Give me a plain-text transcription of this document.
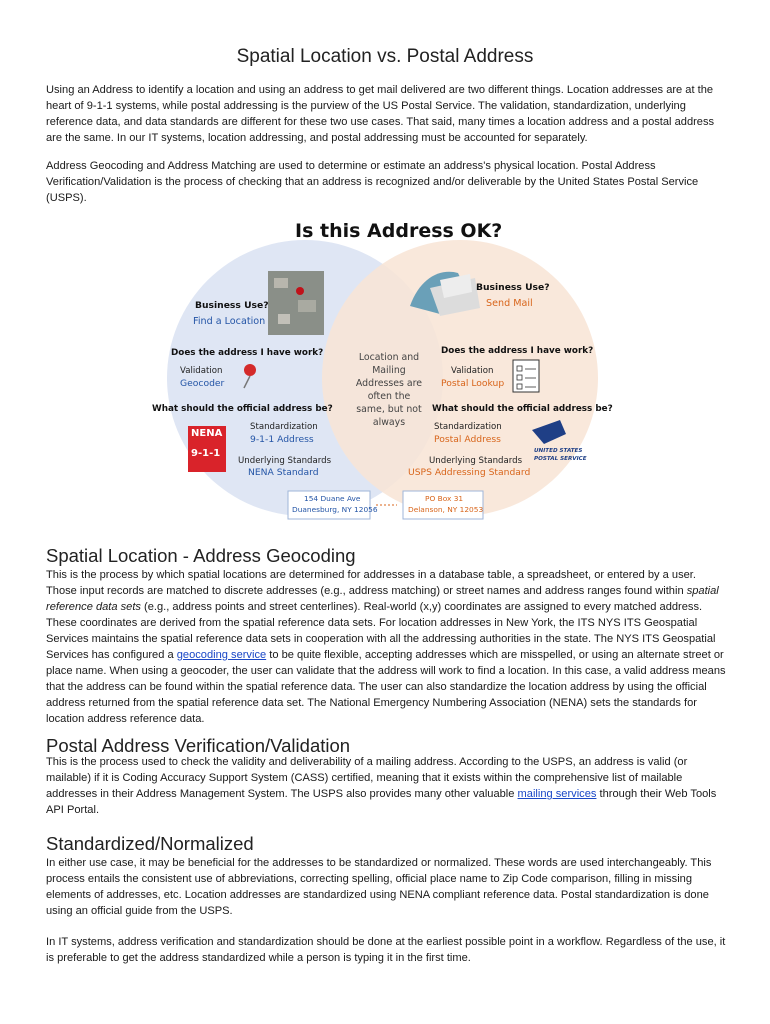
Spatial Location vs. Postal Address

Using an Address to identify a location and using an address to get mail delivered are two different things. Location addresses are at the heart of 9-1-1 systems, while postal addressing is the purview of the US Postal Service. The validation, standardization, underlying reference data, and data standards are different for these two use cases. That said, many times a location address and a postal address are the same. In our IT systems, location addressing, and postal addressing must be accounted for separately.

Address Geocoding and Address Matching are used to determine or estimate an address's physical location. Postal Address Verification/Validation is the process of checking that an address is recognized and/or deliverable by the United States Postal Service (USPS).

Is this Address OK?
Business Use?
Find a Location
Does the address I have work?
Validation
Geocoder
What should the official address be?
Standardization
9-1-1 Address
Underlying Standards
NENA Standard
NENA
9-1-1
154 Duane Ave
Duanesburg, NY 12056
Location and
Mailing
Addresses are
often the
same, but not
always
Business Use?
Send Mail
Does the address I have work?
Validation
Postal Lookup
What should the official address be?
Standardization
Postal Address
Underlying Standards
USPS Addressing Standard
UNITED STATES
POSTAL SERVICE
PO Box 31
Delanson, NY 12053
Spatial Location - Address Geocoding

This is the process by which spatial locations are determined for addresses in a database table, a spreadsheet, or entered by a user. Those input records are matched to discrete addresses (e.g., address matching) or street names and address ranges found within spatial reference data sets (e.g., address points and street centerlines). Real-world (x,y) coordinates are assigned to every matched address. These coordinates are derived from the spatial reference data sets. For location addresses in New York, the ITS NYS ITS Geospatial Services maintains the spatial reference data sets in cooperation with all the addressing authorities in the state. The NYS ITS Geospatial Services has configured a geocoding service to be quite flexible, accepting addresses which are misspelled, or using an alternate street or place name. When using a geocoder, the user can validate that the address will work to find a location. In this case, a valid address means that the address can be found within the spatial reference data. The user can also standardize the location address by using the official address returned from the spatial reference data set. The National Emergency Numbering Association (NENA) sets the standards for location address reference data.

Postal Address Verification/Validation

This is the process used to check the validity and deliverability of a mailing address. According to the USPS, an address is valid (or mailable) if it is Coding Accuracy Support System (CASS) certified, meaning that it exists within the comprehensive list of mailable addresses in their Address Management System. The USPS also provides many other valuable mailing services through their Web Tools API Portal.

Standardized/Normalized

In either use case, it may be beneficial for the addresses to be standardized or normalized. These words are used interchangeably. This process entails the consistent use of abbreviations, correcting spelling, official place name to Zip Code comparison, filling in missing elements of addresses, etc. Location addresses are standardized using NENA compliant reference data. Postal standardization is done using an official guide from the USPS.

In IT systems, address verification and standardization should be done at the earliest possible point in a workflow. Regardless of the use, it is preferable to get the address standardized while a person is typing it in the first time.
